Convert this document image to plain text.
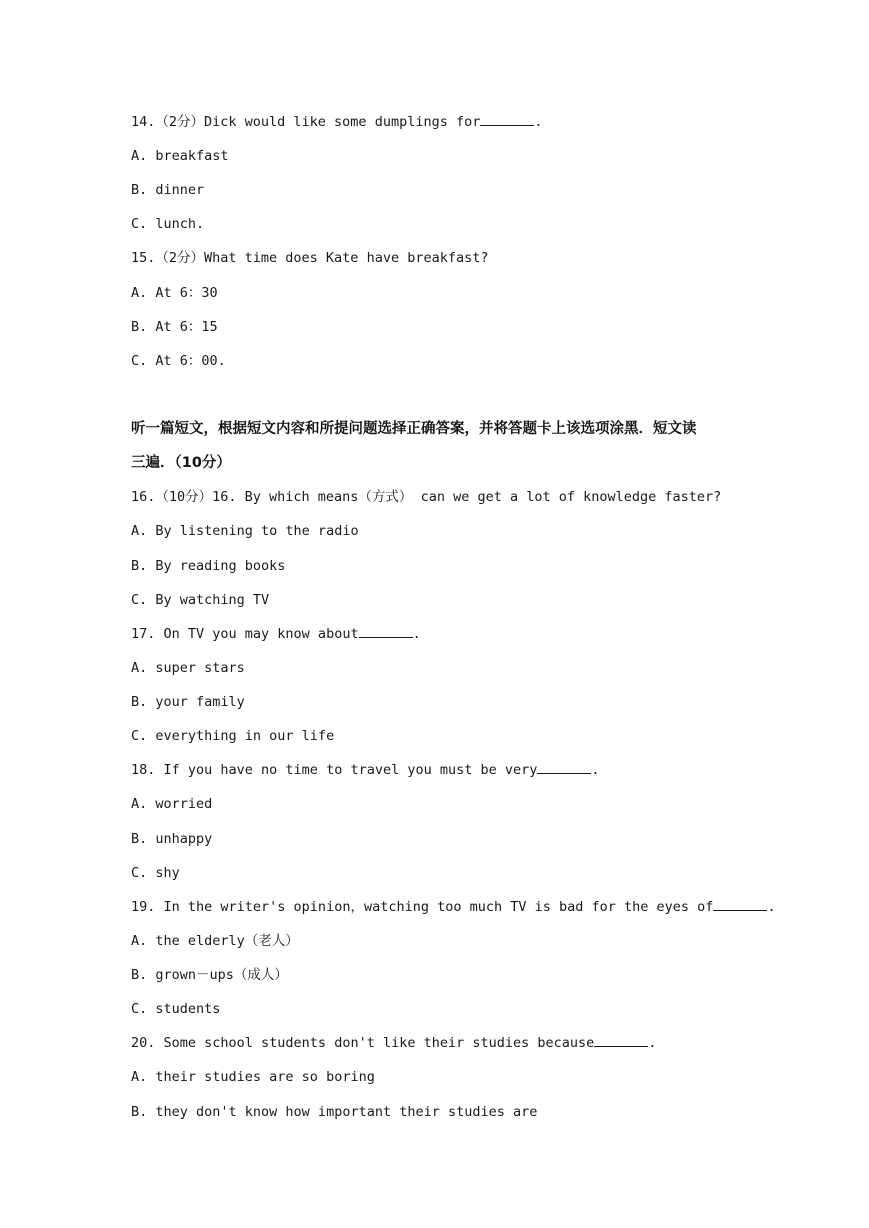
14.（2分）Dick would like some dumplings for	.
A. breakfast
B. dinner
C. lunch.
15.（2分）What time does Kate have breakfast?
A. At 6：30
B. At 6：15
C. At 6：00.
听一篇短文，根据短文内容和所提问题选择正确答案，并将答题卡上该选项涂黑．短文读
三遍．（10分）
16.（10分）16. By which means（方式） can we get a lot of knowledge faster?
A. By listening to the radio
B. By reading books
C. By watching TV
17. On TV you may know about	.
A. super stars
B. your family
C. everything in our life
18. If you have no time to travel you must be very	.
A. worried
B. unhappy
C. shy
19. In the writer's opinion，watching too much TV is bad for the eyes of	.
A. the elderly（老人）
B. grown－ups（成人）
C. students
20. Some school students don't like their studies because	.
A. their studies are so boring
B. they don't know how important their studies are
